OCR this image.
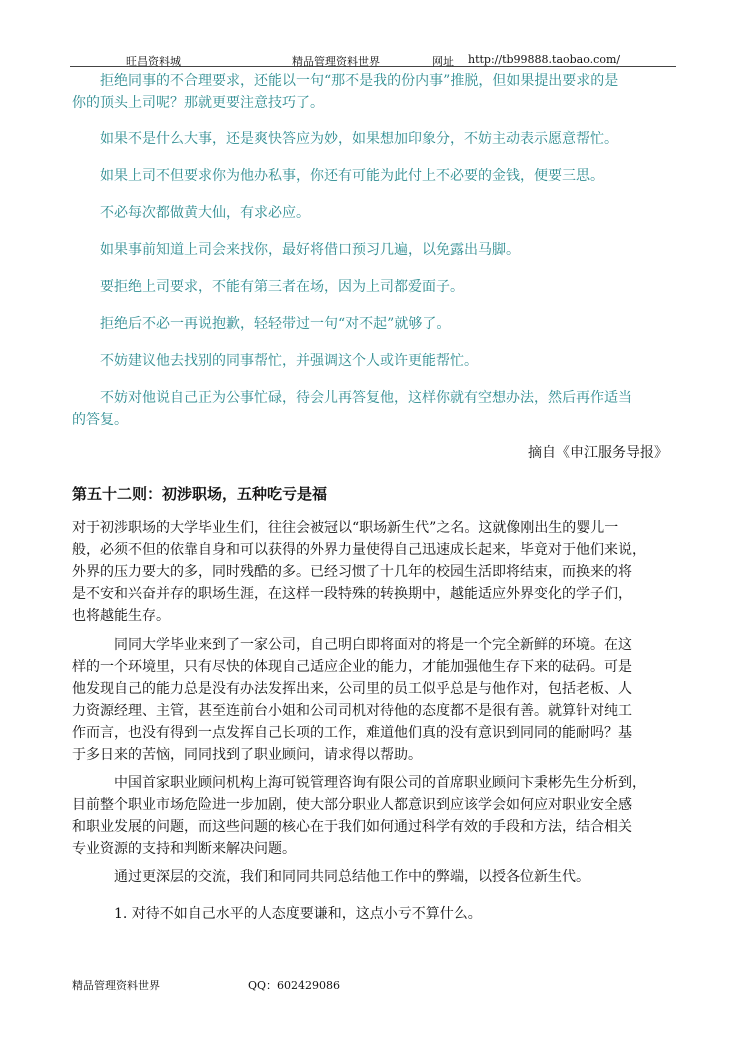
旺昌资料城	精品管理资料世界	网址 http://tb99888.taobao.com/

　　拒绝同事的不合理要求，还能以一句“那不是我的份内事”推脱，但如果提出要求的是
你的顶头上司呢？那就更要注意技巧了。

　　如果不是什么大事，还是爽快答应为妙，如果想加印象分，不妨主动表示愿意帮忙。

　　如果上司不但要求你为他办私事，你还有可能为此付上不必要的金钱，便要三思。

　　不必每次都做黄大仙，有求必应。

　　如果事前知道上司会来找你，最好将借口预习几遍，以免露出马脚。

　　要拒绝上司要求，不能有第三者在场，因为上司都爱面子。

　　拒绝后不必一再说抱歉，轻轻带过一句“对不起”就够了。

　　不妨建议他去找别的同事帮忙，并强调这个人或许更能帮忙。

　　不妨对他说自己正为公事忙碌，待会儿再答复他，这样你就有空想办法，然后再作适当
的答复。

摘自《申江服务导报》

第五十二则：初涉职场，五种吃亏是福

对于初涉职场的大学毕业生们，往往会被冠以“职场新生代”之名。这就像刚出生的婴儿一
般，必须不但的依靠自身和可以获得的外界力量使得自己迅速成长起来，毕竟对于他们来说，
外界的压力要大的多，同时残酷的多。已经习惯了十几年的校园生活即将结束，而换来的将
是不安和兴奋并存的职场生涯，在这样一段特殊的转换期中，越能适应外界变化的学子们，
也将越能生存。

　　　同同大学毕业来到了一家公司，自己明白即将面对的将是一个完全新鲜的环境。在这
样的一个环境里，只有尽快的体现自己适应企业的能力，才能加强他生存下来的砝码。可是
他发现自己的能力总是没有办法发挥出来，公司里的员工似乎总是与他作对，包括老板、人
力资源经理、主管，甚至连前台小姐和公司司机对待他的态度都不是很有善。就算针对纯工
作而言，也没有得到一点发挥自己长项的工作，难道他们真的没有意识到同同的能耐吗？基
于多日来的苦恼，同同找到了职业顾问，请求得以帮助。

　　　中国首家职业顾问机构上海可锐管理咨询有限公司的首席职业顾问卞秉彬先生分析到，
目前整个职业市场危险进一步加剧，使大部分职业人都意识到应该学会如何应对职业安全感
和职业发展的问题，而这些问题的核心在于我们如何通过科学有效的手段和方法，结合相关
专业资源的支持和判断来解决问题。

　　　通过更深层的交流，我们和同同共同总结他工作中的弊端，以授各位新生代。

　　　1. 对待不如自己水平的人态度要谦和，这点小亏不算什么。

精品管理资料世界	QQ：602429086
